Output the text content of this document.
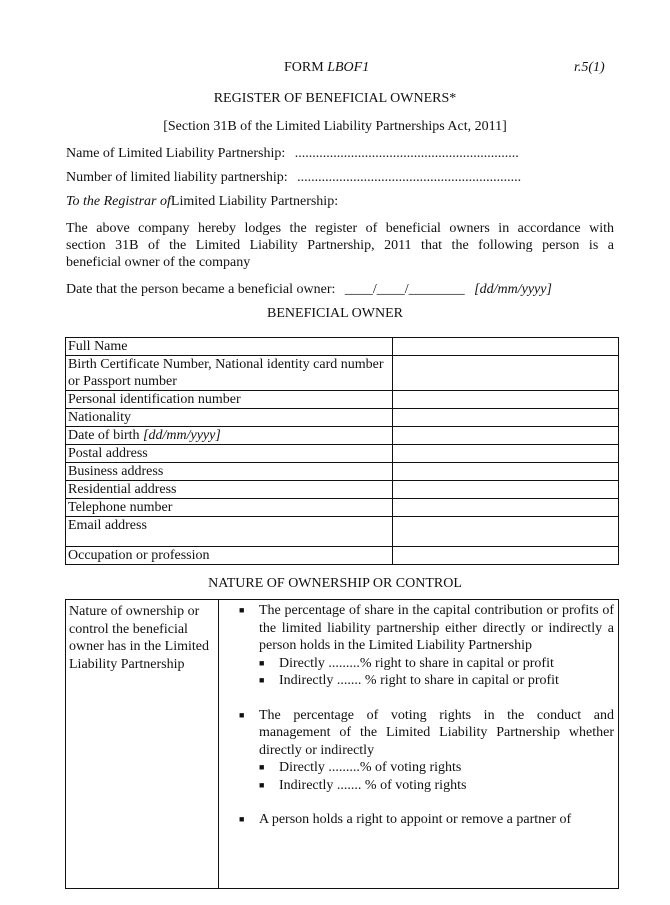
FORM LBOF1	r.5(1)
REGISTER OF BENEFICIAL OWNERS*
[Section 31B of the Limited Liability Partnerships Act, 2011]
Name of Limited Liability Partnership: ................................................................
Number of limited liability partnership: ................................................................
To the Registrar ofLimited Liability Partnership:
The above company hereby lodges the register of beneficial owners in accordance with
section 31B of the Limited Liability Partnership, 2011 that the following person is a
beneficial owner of the company
Date that the person became a beneficial owner: ____/____/________ [dd/mm/yyyy]
BENEFICIAL OWNER
Full Name	
Birth Certificate Number, National identity card number or Passport number	
Personal identification number	
Nationality	
Date of birth [dd/mm/yyyy]	
Postal address	
Business address	
Residential address	
Telephone number	
Email address	
Occupation or profession	
NATURE OF OWNERSHIP OR CONTROL
Nature of ownership or control the beneficial owner has in the Limited Liability Partnership	
■ The percentage of share in the capital contribution or profits of the limited liability partnership either directly or indirectly a person holds in the Limited Liability Partnership
■ Directly .........% right to share in capital or profit
■ Indirectly ....... % right to share in capital or profit
■ The percentage of voting rights in the conduct and management of the Limited Liability Partnership whether directly or indirectly
■ Directly .........% of voting rights
■ Indirectly ....... % of voting rights
■ A person holds a right to appoint or remove a partner of
